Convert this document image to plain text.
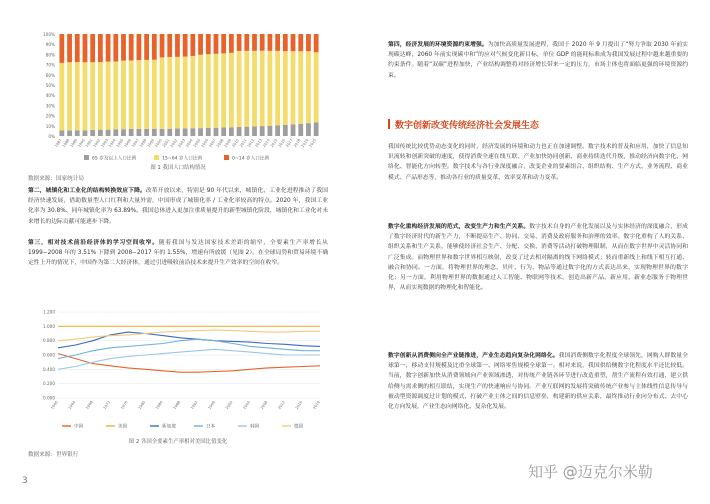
0%
10%
20%
30%
40%
50%
60%
70%
80%
90%
100%
1987 1988 1989 1990 1991 1992 1993 1994 1995 1996 1997 1998 1999 2000 2001 2002 2003 2004 2005 2006 2007 2008 2009 2010 2011 2012 2013 2014 2015 2016 2017 2018 2019 2020
65 岁及以上人口比例	15~64 岁人口比例	0~14 岁人口比例
图 1 我国人口结构情况
数据来源：国家统计局

第二，城镇化和工业化的结构转换效应下降。改革开放以来，特别是 90 年代以来，城镇化、工业化进程推动了我国经济快速发展，借助数量型人口红利和大量外需，中国形成了城镇化率 / 工业化率较高的特点。2020 年，我国工业化率为 30.8%、同年城镇化率为 63.89%。我国总体进入更加注重质量提升的新型城镇化阶段，城镇化和工业化对未来增长的边际贡献可能逐步下降。

第三，相对技术前沿经济体的学习空间收窄。随着我国与发达国家技术差距的缩窄，全要素生产率增长从 1999−2008 年的 3.51% 下降到 2008−2017 年的 1.55%，增速有所放缓（见图 2）。在全球局势和贸易环境不确定性上升的情况下，中国作为第二大经济体，通过引进吸收前沿技术来提升生产效率的空间在收窄。

0.000
0.200
0.400
0.600
0.800
1.000
1.200
1960 1964 1968 1972 1976 1980 1984 1988 1992 1996 2000 2004 2008 2012 2016 2019
中国	美国	新加坡	日本	韩国	德国
图 2 各国全要素生产率相对美国比值变化
数据来源：世界银行

第四，经济发展的环境资源约束增强。为加快高质量发展进程，我国于 2020 年 9 月提出了“努力争取 2030 年前实现碳达峰，2060 年前实现碳中和”的应对气候变化新目标，单位 GDP 的能耗标准成为我国发展过程中越来越重要的约束条件。随着“双碳”进程加快，产业结构调整将对经济增长带来一定的压力，市场主体也将面临更强的环境资源约束。

数字创新改变传统经济社会发展生态

我国传统比较优势动态变化的同时，经济发展的环境和动力也正在加速调整。数字技术的普及和应用，加快了信息知识流转和创新突破的速度，使得消费全速在线互联、产业加快协同创新、商业持续迭代升级，推动经济向数字化、网络化、智能化方向转型。数字技术与各行业深度融合，改变企业的要素组合、组织结构、生产方式、业务流程、商业模式、产品形态等，推动各行业的质量变革、效率变革和动力变革。

数字化重构经济发展的范式，改变生产力和生产关系。数字技术自身的产业化发展以及与实体经济的深度融合，形成了数字经济时代的新生产力，不断提高生产、协同、交易、消费及政府服务和治理的效率。数字化重构了人的关系、组织关系和生产关系，能够使经济社会生产、分配、交换、消费等活动打破物理限制，从而在数字世界中灵活协同和广泛集成。而物理世界和数字世界相互映射，改变了过去相对隔离的线下网络模式；转而重新线上和线下相互打通、融合和协同。一方面，将物理世界的理念、贝叶、行为、物品等通过数字化的方式表达出来，实现物理世界的数字化；另一方面，利用物理世界的数据通过人工智能、物联网等技术，创造出新产品、新应用、新业态服务于物理世界，从而实现数据的物理化和智能化。

数字创新从消费侧向全产业链推进，产业生态趋向复杂化网络化。我国消费侧数字化程度全球领先，网购人群数量全球第一，移动支付规模及比重全球第一、网络零售规模全球第一。相对来说，我国供给侧数字化程度水平还比较低。当前，数字创新加快从消费领域向产业领域渗透，对传统产业链各环节进行改造重塑，帮生产流程有效打通，建立供给侧与需求侧的相互联结，实现生产的快速响应与协同。产业互联网的发展将突破传统产业参与主体线性信息传导与被动型资源调度过计划的模式，打破产业主体之间的信息壁垒，构建新的供应关系，最终推动行业向分布式、去中心化方向发展，产业生态向网络化、复杂化发展。

3	知乎 @迈克尔米勒
